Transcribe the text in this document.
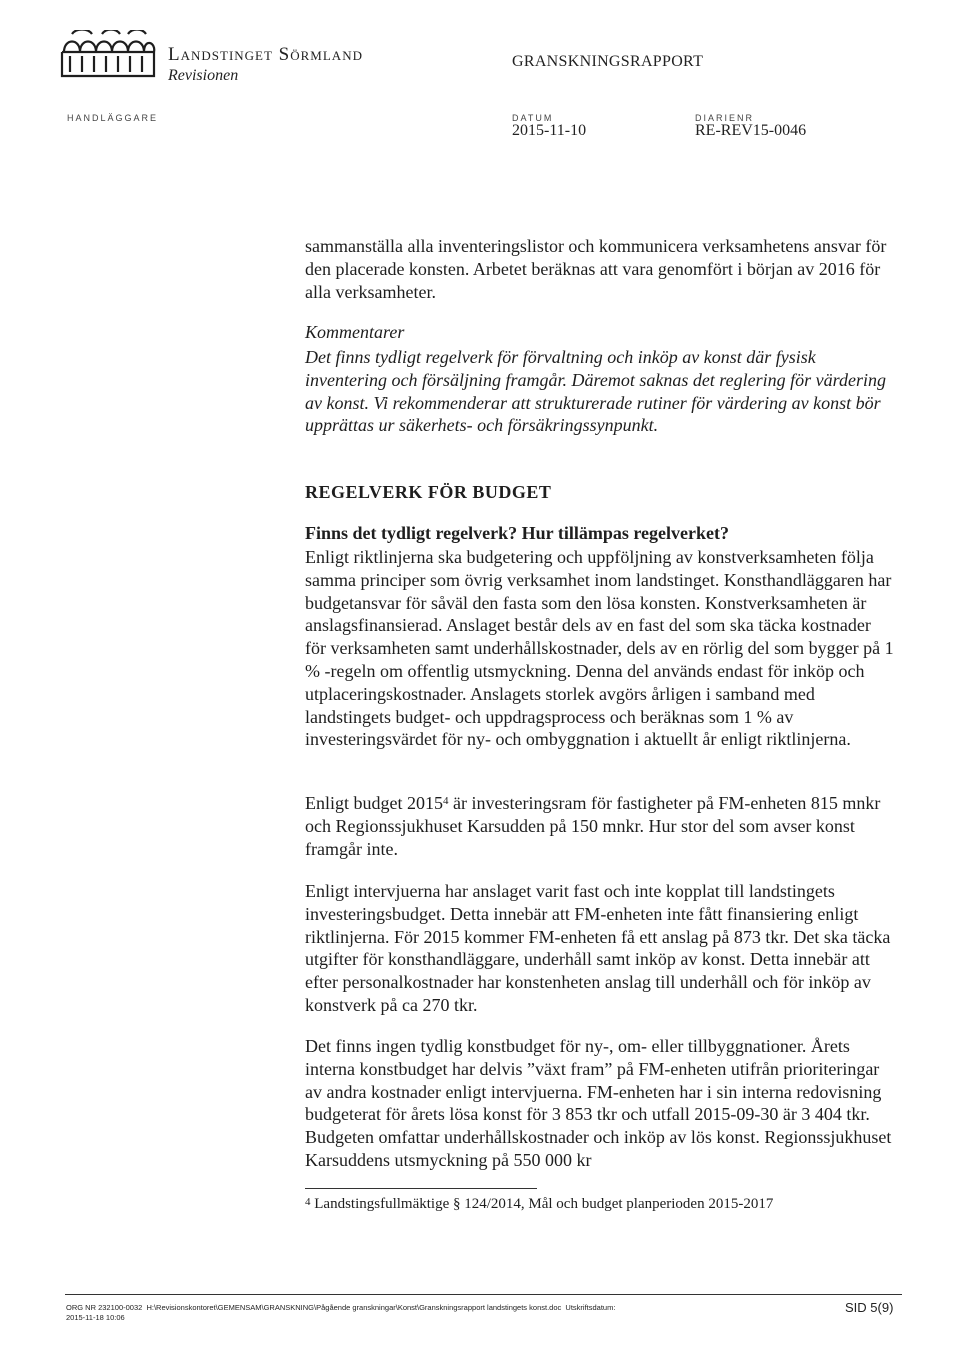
Landstinget Sörmland
Revisionen
GRANSKNINGSRAPPORT
HANDLÄGGARE	DATUM
2015-11-10
DIARIENR
RE-REV15-0046

sammanställa alla inventeringslistor och kommunicera verksamhetens ansvar för den placerade konsten. Arbetet beräknas att vara genomfört i början av 2016 för alla verksamheter.

Kommentarer

Det finns tydligt regelverk för förvaltning och inköp av konst där fysisk inventering och försäljning framgår. Däremot saknas det reglering för värdering av konst. Vi rekommenderar att strukturerade rutiner för värdering av konst bör upprättas ur säkerhets- och försäkringssynpunkt.

REGELVERK FÖR BUDGET

Finns det tydligt regelverk? Hur tillämpas regelverket?

Enligt riktlinjerna ska budgetering och uppföljning av konstverksamheten följa samma principer som övrig verksamhet inom landstinget. Konsthandläggaren har budgetansvar för såväl den fasta som den lösa konsten. Konstverksamheten är anslagsfinansierad. Anslaget består dels av en fast del som ska täcka kostnader för verksamheten samt underhållskostnader, dels av en rörlig del som bygger på 1 % -regeln om offentlig utsmyckning. Denna del används endast för inköp och utplaceringskostnader. Anslagets storlek avgörs årligen i samband med landstingets budget- och uppdragsprocess och beräknas som 1 % av investeringsvärdet för ny- och ombyggnation i aktuellt år enligt riktlinjerna.

Enligt budget 2015$^4$ är investeringsram för fastigheter på FM-enheten 815 mnkr och Regionssjukhuset Karsudden på 150 mnkr. Hur stor del som avser konst framgår inte.

Enligt intervjuerna har anslaget varit fast och inte kopplat till landstingets investeringsbudget. Detta innebär att FM-enheten inte fått finansiering enligt riktlinjerna. För 2015 kommer FM-enheten få ett anslag på 873 tkr. Det ska täcka utgifter för konsthandläggare, underhåll samt inköp av konst. Detta innebär att efter personalkostnader har konstenheten anslag till underhåll och för inköp av konstverk på ca 270 tkr.

Det finns ingen tydlig konstbudget för ny-, om- eller tillbyggnationer. Årets interna konstbudget har delvis ”växt fram” på FM-enheten utifrån prioriteringar av andra kostnader enligt intervjuerna. FM-enheten har i sin interna redovisning budgeterat för årets lösa konst för 3 853 tkr och utfall 2015-09-30 är 3 404 tkr. Budgeten omfattar underhållskostnader och inköp av lös konst. Regionssjukhuset Karsuddens utsmyckning på 550 000 kr

$^4$ Landstingsfullmäktige § 124/2014, Mål och budget planperioden 2015-2017
ORG NR 232100-0032 H:\Revisionskontoret\GEMENSAM\GRANSKNING\Pågående granskningar\Konst\Granskningsrapport landstingets konst.doc Utskriftsdatum:
2015-11-18 10:06
SID 5(9)
